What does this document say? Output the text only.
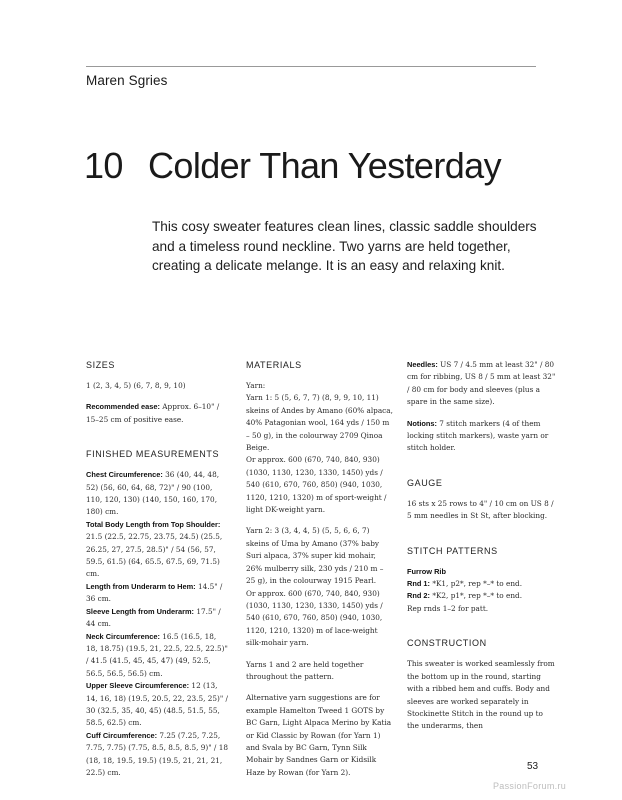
Maren Sgries
10 Colder Than Yesterday

This cosy sweater features clean lines, classic saddle shoulders and a timeless round neckline. Two yarns are held together, creating a delicate melange. It is an easy and relaxing knit.

SIZES

1 (2, 3, 4, 5) (6, 7, 8, 9, 10)

Recommended ease: Approx. 6–10" / 15–25 cm of positive ease.

FINISHED MEASUREMENTS

Chest Circumference: 36 (40, 44, 48, 52) (56, 60, 64, 68, 72)" / 90 (100, 110, 120, 130) (140, 150, 160, 170, 180) cm.

Total Body Length from Top Shoulder: 21.5 (22.5, 22.75, 23.75, 24.5) (25.5, 26.25, 27, 27.5, 28.5)" / 54 (56, 57, 59.5, 61.5) (64, 65.5, 67.5, 69, 71.5) cm.

Length from Underarm to Hem: 14.5" / 36 cm.

Sleeve Length from Underarm: 17.5" / 44 cm.

Neck Circumference: 16.5 (16.5, 18, 18, 18.75) (19.5, 21, 22.5, 22.5, 22.5)" / 41.5 (41.5, 45, 45, 47) (49, 52.5, 56.5, 56.5, 56.5) cm.

Upper Sleeve Circumference: 12 (13, 14, 16, 18) (19.5, 20.5, 22, 23.5, 25)" / 30 (32.5, 35, 40, 45) (48.5, 51.5, 55, 58.5, 62.5) cm.

Cuff Circumference: 7.25 (7.25, 7.25, 7.75, 7.75) (7.75, 8.5, 8.5, 8.5, 9)" / 18 (18, 18, 19.5, 19.5) (19.5, 21, 21, 21, 22.5) cm.

MATERIALS

Yarn:

Yarn 1: 5 (5, 6, 7, 7) (8, 9, 9, 10, 11) skeins of Andes by Amano (60% alpaca, 40% Patagonian wool, 164 yds / 150 m – 50 g), in the colourway 2709 Qinoa Beige.

Or approx. 600 (670, 740, 840, 930) (1030, 1130, 1230, 1330, 1450) yds / 540 (610, 670, 760, 850) (940, 1030, 1120, 1210, 1320) m of sport-weight / light DK-weight yarn.

Yarn 2: 3 (3, 4, 4, 5) (5, 5, 6, 6, 7) skeins of Uma by Amano (37% baby Suri alpaca, 37% super kid mohair, 26% mulberry silk, 230 yds / 210 m – 25 g), in the colourway 1915 Pearl.

Or approx. 600 (670, 740, 840, 930) (1030, 1130, 1230, 1330, 1450) yds / 540 (610, 670, 760, 850) (940, 1030, 1120, 1210, 1320) m of lace-weight silk-mohair yarn.

Yarns 1 and 2 are held together throughout the pattern.

Alternative yarn suggestions are for example Hamelton Tweed 1 GOTS by BC Garn, Light Alpaca Merino by Katia or Kid Classic by Rowan (for Yarn 1) and Svala by BC Garn, Tynn Silk Mohair by Sandnes Garn or Kidsilk Haze by Rowan (for Yarn 2).

Needles: US 7 / 4.5 mm at least 32" / 80 cm for ribbing, US 8 / 5 mm at least 32" / 80 cm for body and sleeves (plus a spare in the same size).

Notions: 7 stitch markers (4 of them locking stitch markers), waste yarn or stitch holder.

GAUGE

16 sts x 25 rows to 4" / 10 cm on US 8 / 5 mm needles in St St, after blocking.

STITCH PATTERNS

Furrow Rib

Rnd 1: *K1, p2*, rep *–* to end.

Rnd 2: *K2, p1*, rep *–* to end.

Rep rnds 1–2 for patt.

CONSTRUCTION

This sweater is worked seamlessly from the bottom up in the round, starting with a ribbed hem and cuffs. Body and sleeves are worked separately in Stockinette Stitch in the round up to the underarms, then

53
PassionForum.ru
